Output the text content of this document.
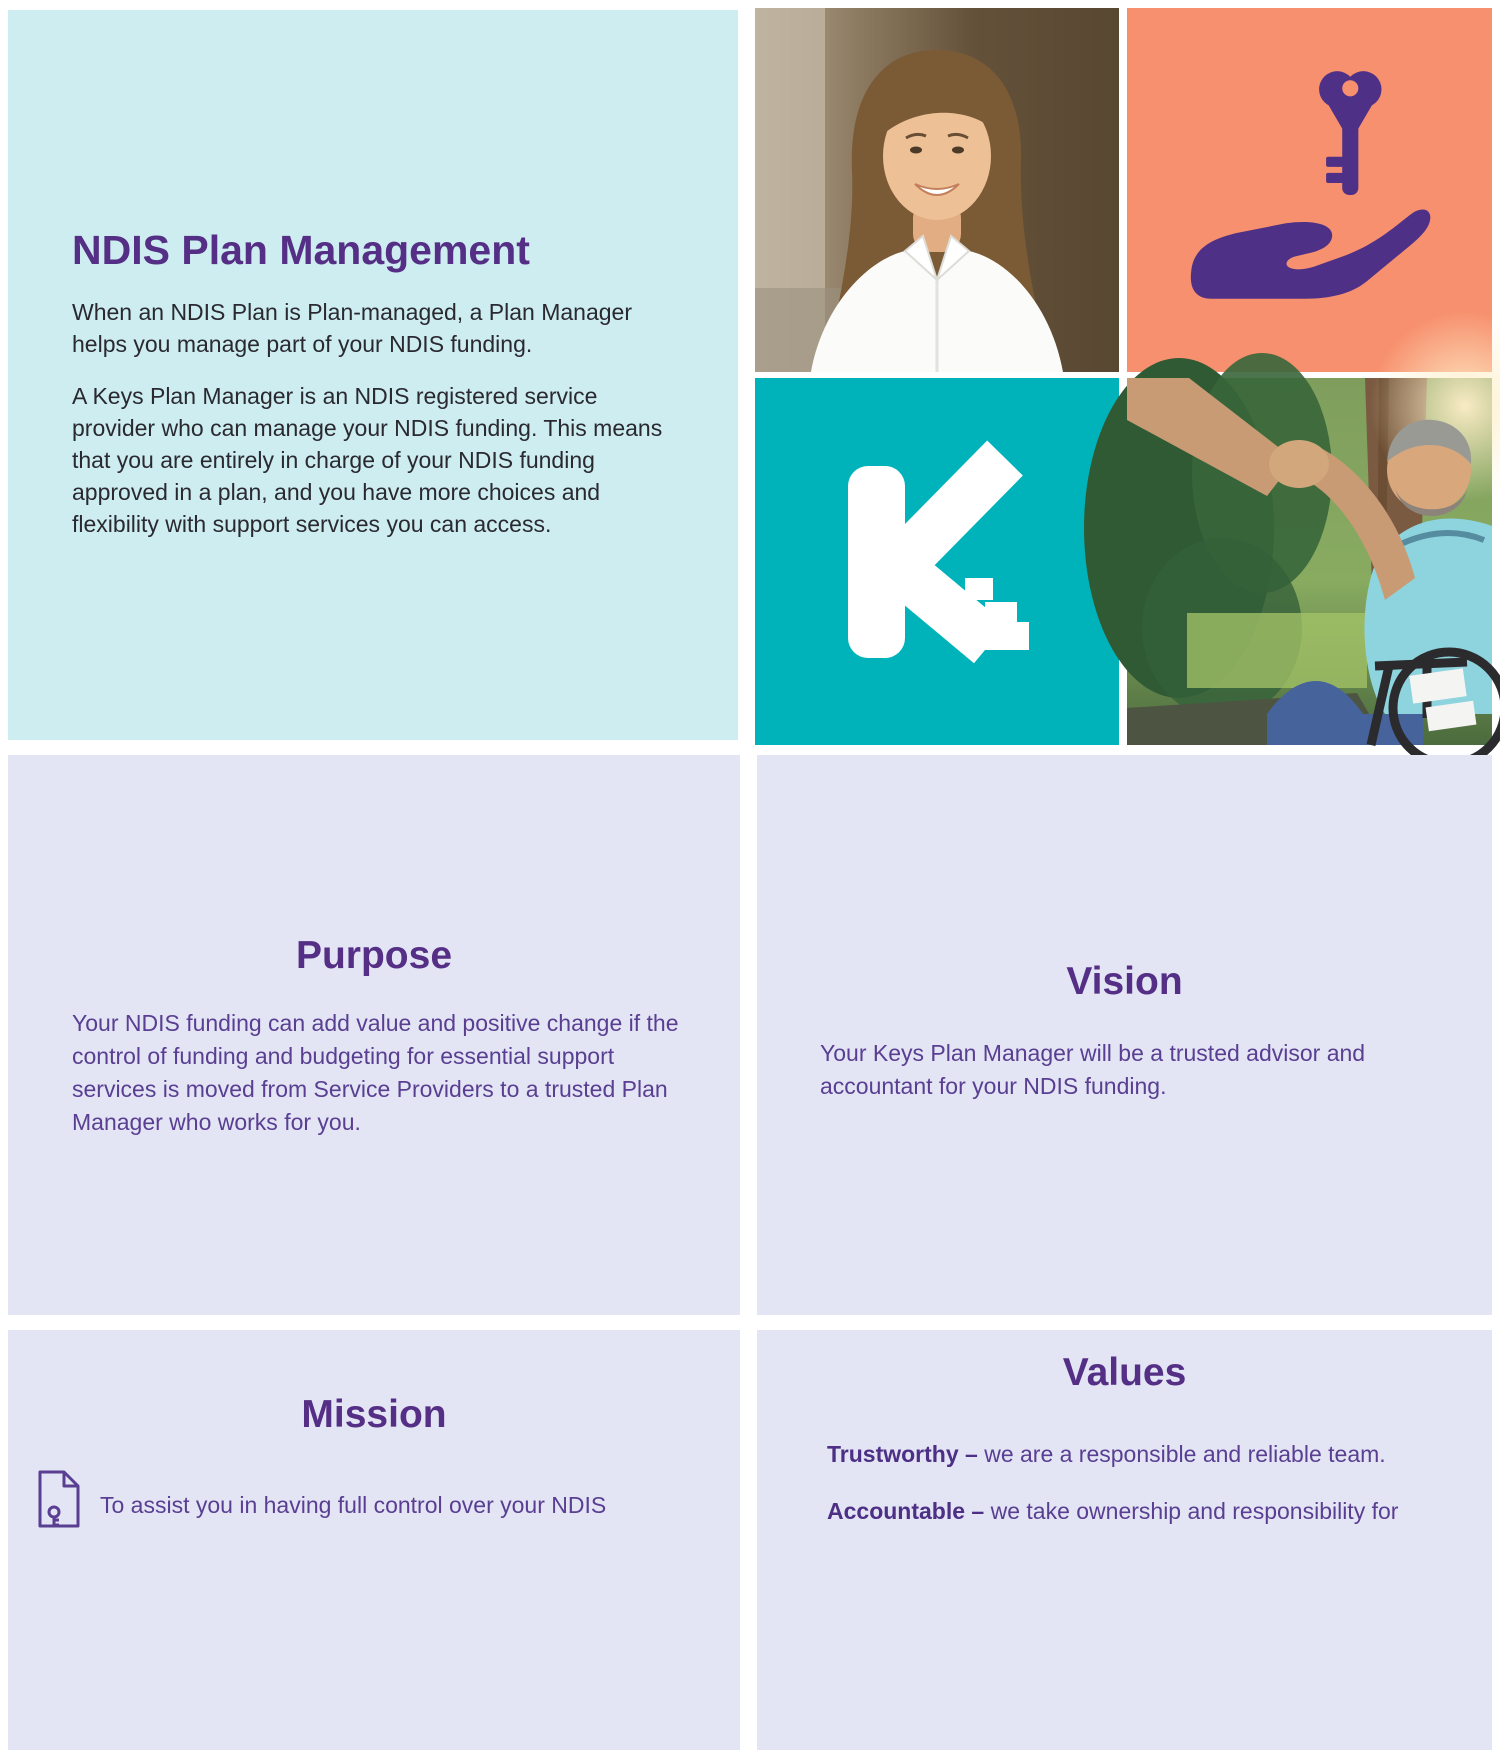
NDIS Plan Management

When an NDIS Plan is Plan-managed, a Plan Manager helps you manage part of your NDIS funding.

A Keys Plan Manager is an NDIS registered service provider who can manage your NDIS funding. This means that you are entirely in charge of your NDIS funding approved in a plan, and you have more choices and flexibility with support services you can access.

Purpose

Your NDIS funding can add value and positive change if the control of funding and budgeting for essential support services is moved from Service Providers to a trusted Plan Manager who works for you.

Vision

Your Keys Plan Manager will be a trusted advisor and accountant for your NDIS funding.

Mission

To assist you in having full control over your NDIS

Values

Trustworthy – we are a responsible and reliable team.

Accountable – we take ownership and responsibility for
